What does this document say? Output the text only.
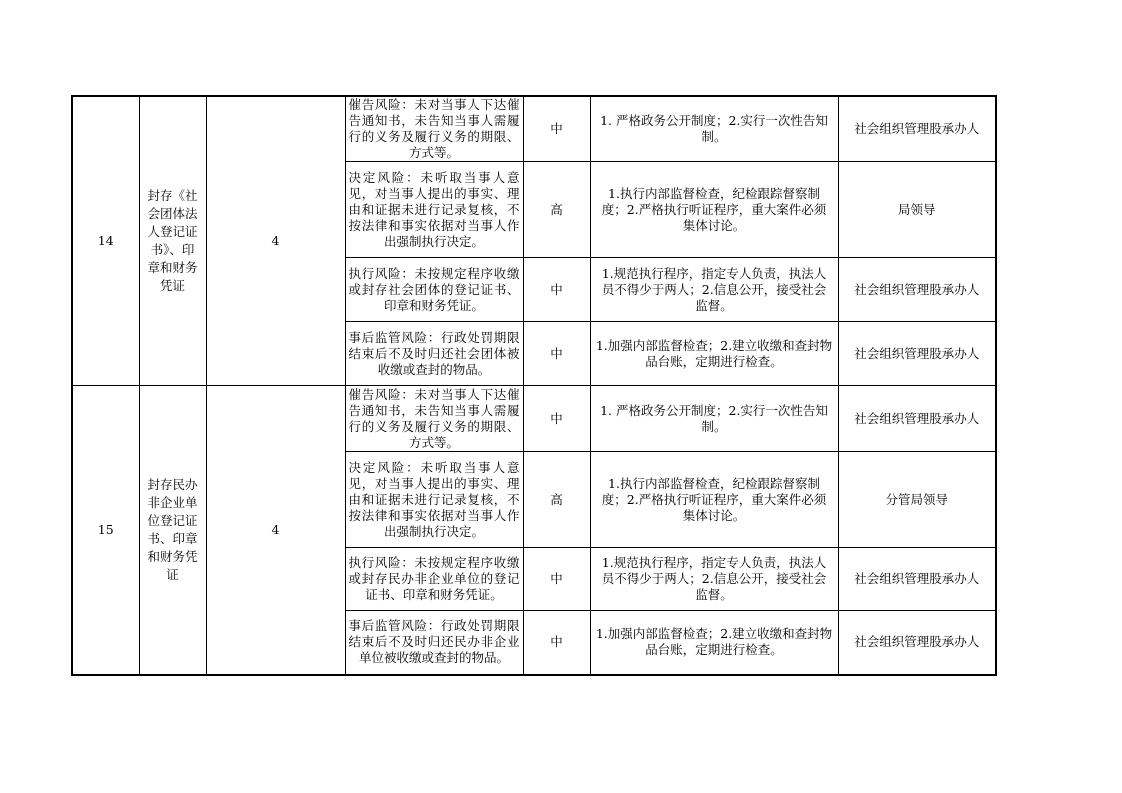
14	封存《社会团体法人登记证书》、印章和财务凭证	4	催告风险：未对当事人下达催告通知书，未告知当事人需履行的义务及履行义务的期限、方式等。	中	1. 严格政务公开制度；2.实行一次性告知制。	社会组织管理股承办人
			决定风险：未听取当事人意见，对当事人提出的事实、理由和证据未进行记录复核，不按法律和事实依据对当事人作出强制执行决定。	高	1.执行内部监督检查，纪检跟踪督察制度；2.严格执行听证程序，重大案件必须集体讨论。	局领导
			执行风险：未按规定程序收缴或封存社会团体的登记证书、印章和财务凭证。	中	1.规范执行程序，指定专人负责，执法人员不得少于两人；2.信息公开，接受社会监督。	社会组织管理股承办人
			事后监管风险：行政处罚期限结束后不及时归还社会团体被收缴或查封的物品。	中	1.加强内部监督检查；2.建立收缴和查封物品台账，定期进行检查。	社会组织管理股承办人
15	封存民办非企业单位登记证书、印章和财务凭证	4	催告风险：未对当事人下达催告通知书，未告知当事人需履行的义务及履行义务的期限、方式等。	中	1. 严格政务公开制度；2.实行一次性告知制。	社会组织管理股承办人
			决定风险：未听取当事人意见，对当事人提出的事实、理由和证据未进行记录复核，不按法律和事实依据对当事人作出强制执行决定。	高	1.执行内部监督检查，纪检跟踪督察制度；2.严格执行听证程序，重大案件必须集体讨论。	分管局领导
			执行风险：未按规定程序收缴或封存民办非企业单位的登记证书、印章和财务凭证。	中	1.规范执行程序，指定专人负责，执法人员不得少于两人；2.信息公开，接受社会监督。	社会组织管理股承办人
			事后监管风险：行政处罚期限结束后不及时归还民办非企业单位被收缴或查封的物品。	中	1.加强内部监督检查；2.建立收缴和查封物品台账，定期进行检查。	社会组织管理股承办人
